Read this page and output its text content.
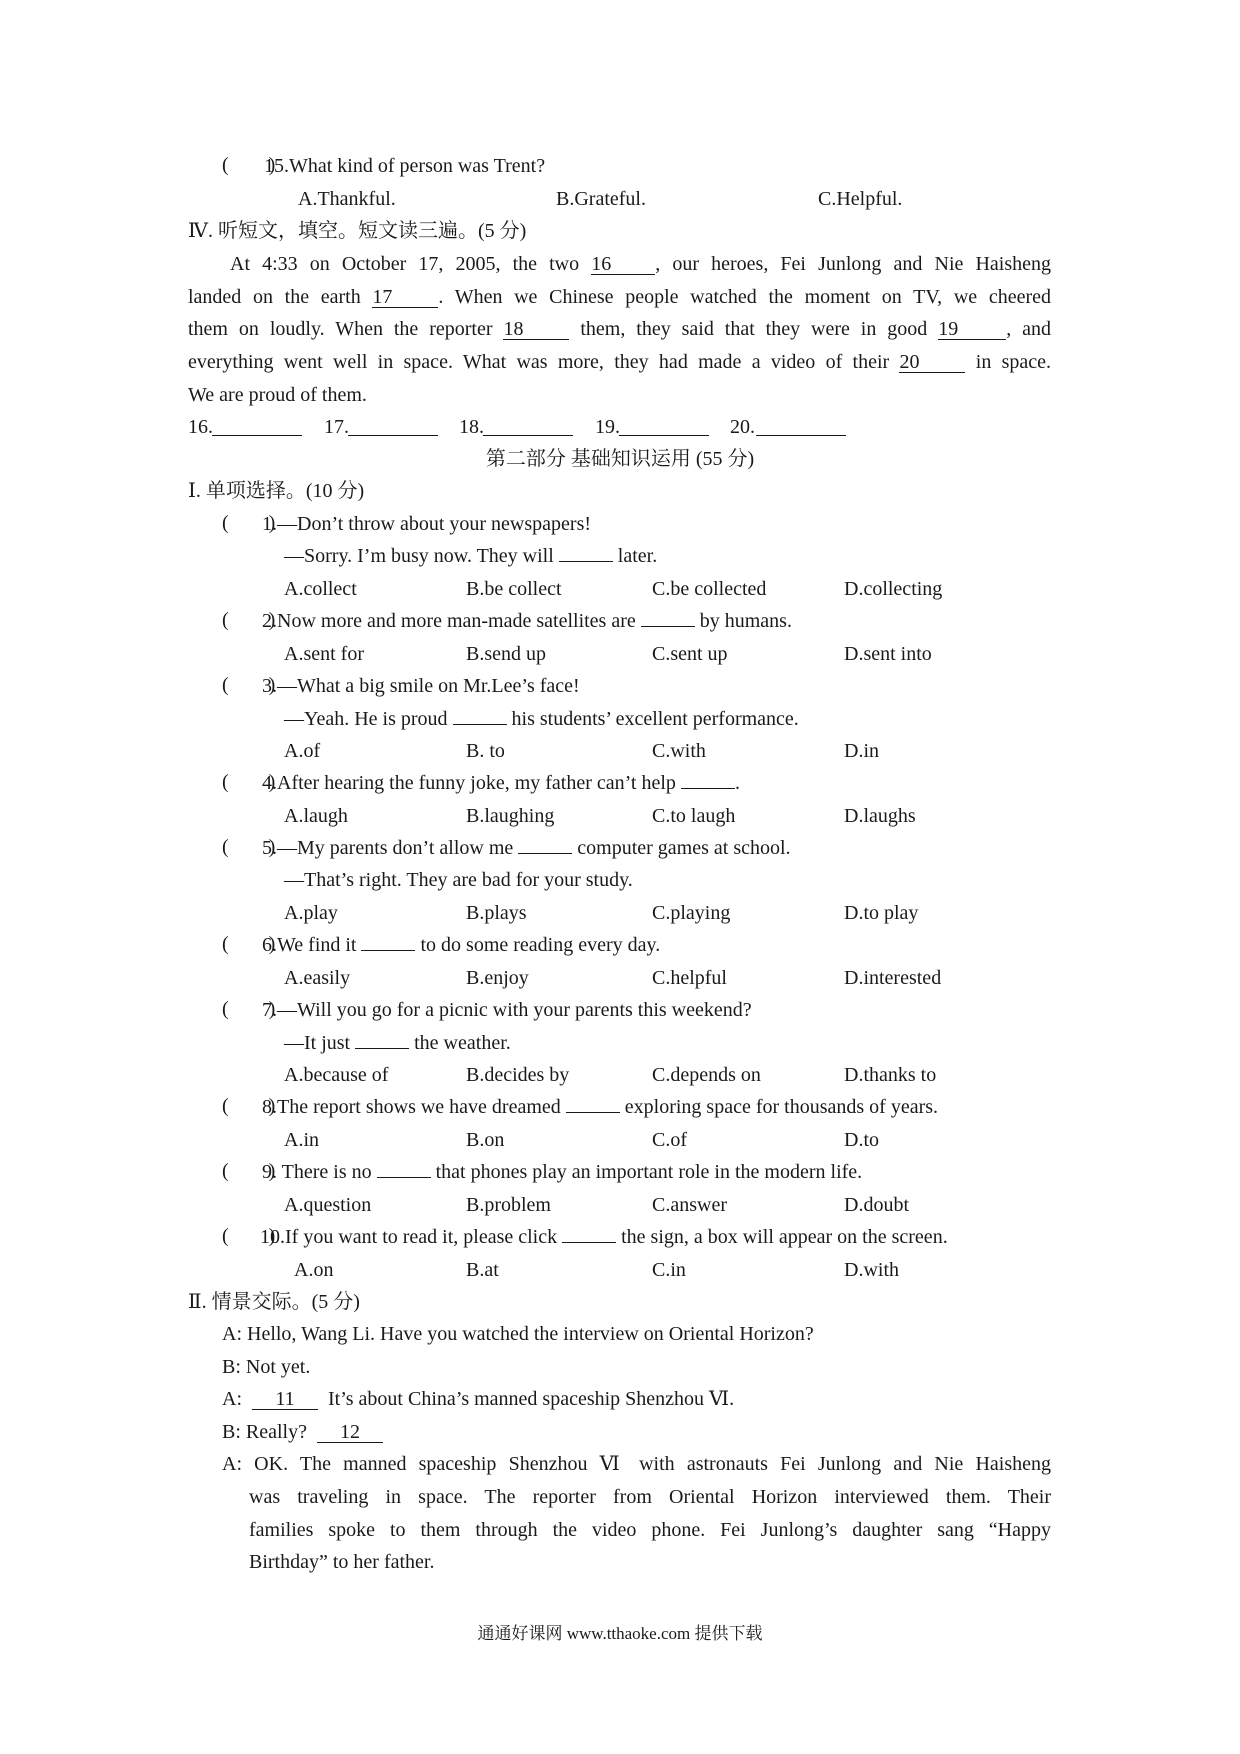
(        )
15.What kind of person was Trent?
A.Thankful.	B.Grateful.	C.Helpful.
Ⅳ. 听短文，填空。短文读三遍。(5 分)
At 4:33 on October 17, 2005, the two 16 , our heroes, Fei Junlong and Nie Haisheng
landed on the earth 17 . When we Chinese people watched the moment on TV, we cheered
them on loudly. When the reporter 18	them, they said that they were in good 19 , and
everything went well in space. What was more, they had made a video of their 20	in space.
We are proud of them.
16.	17.	18.	19.	20.
第二部分 基础知识运用 (55 分)
Ⅰ. 单项选择。(10 分)
(        )
1.—Don’t throw about your newspapers!
—Sorry. I’m busy now. They will	later.
A.collect	B.be collect	C.be collected	D.collecting
(        )
2.Now more and more man-made satellites are	by humans.
A.sent for	B.send up	C.sent up	D.sent into
(        )
3.—What a big smile on Mr.Lee’s face!
—Yeah. He is proud	his students’ excellent performance.
A.of	B. to	C.with	D.in
(        )
4.After hearing the funny joke, my father can’t help	.
A.laugh	B.laughing	C.to laugh	D.laughs
(        )
5.—My parents don’t allow me	computer games at school.
—That’s right. They are bad for your study.
A.play	B.plays	C.playing	D.to play
(        )
6.We find it	to do some reading every day.
A.easily	B.enjoy	C.helpful	D.interested
(        )
7.—Will you go for a picnic with your parents this weekend?
—It just	the weather.
A.because of	B.decides by	C.depends on	D.thanks to
(        )
8.The report shows we have dreamed	exploring space for thousands of years.
A.in	B.on	C.of	D.to
(        )
9. There is no	that phones play an important role in the modern life.
A.question	B.problem	C.answer	D.doubt
(        )
10.If you want to read it, please click	the sign, a box will appear on the screen.
A.on	B.at	C.in	D.with
Ⅱ. 情景交际。(5 分)
A: Hello, Wang Li. Have you watched the interview on Oriental Horizon?
B: Not yet.
A: 11 It’s about China’s manned spaceship Shenzhou Ⅵ.
B: Really? 12
A: OK. The manned spaceship Shenzhou Ⅵ with astronauts Fei Junlong and Nie Haisheng
was traveling in space. The reporter from Oriental Horizon interviewed them. Their
families spoke to them through the video phone. Fei Junlong’s daughter sang “Happy
Birthday” to her father.
通通好课网 www.tthaoke.com 提供下载
